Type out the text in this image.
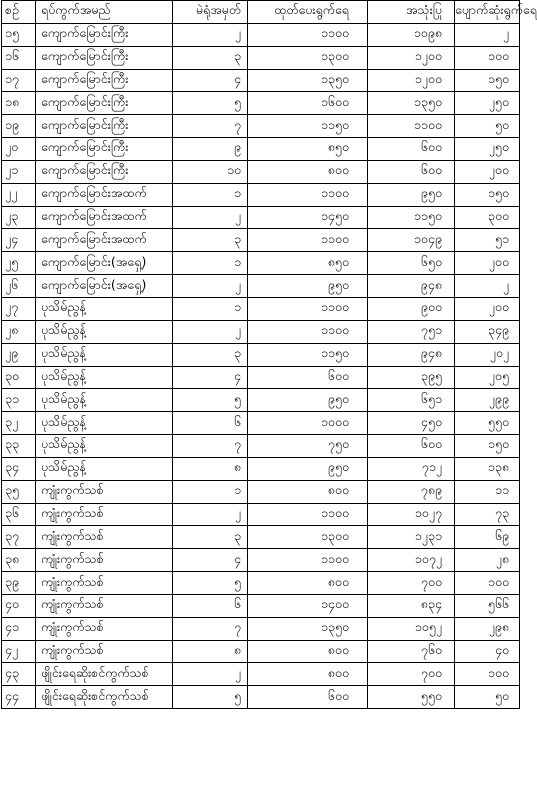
စဉ်	ရပ်ကွက်အမည်	မဲရုံအမှတ်	ထုတ်ပေးရွက်ရေ	အသုံးပြု	ပျောက်ဆုံးရွက်ရေ
၁၅	ကျောက်မြောင်းကြီး	၂	၁၁၀၀	၁၀၉၈	၂
၁၆	ကျောက်မြောင်းကြီး	၃	၁၃၀၀	၁၂၀၀	၁၀၀
၁၇	ကျောက်မြောင်းကြီး	၄	၁၃၅၀	၁၂၀၀	၁၅၀
၁၈	ကျောက်မြောင်းကြီး	၅	၁၆၀၀	၁၃၅၀	၂၅၀
၁၉	ကျောက်မြောင်းကြီး	၇	၁၁၅၀	၁၁၀၀	၅၀
၂၀	ကျောက်မြောင်းကြီး	၉	၈၅၀	၆၀၀	၂၅၀
၂၁	ကျောက်မြောင်းကြီး	၁၀	၈၀၀	၆၀၀	၂၀၀
၂၂	ကျောက်မြောင်းအထက်	၁	၁၁၀၀	၉၅၀	၁၅၀
၂၃	ကျောက်မြောင်းအထက်	၂	၁၄၅၀	၁၁၅၀	၃၀၀
၂၄	ကျောက်မြောင်းအထက်	၃	၁၁၀၀	၁၀၄၉	၅၁
၂၅	ကျောက်မြောင်း(အရှေ့)	၁	၈၅၀	၆၅၀	၂၀၀
၂၆	ကျောက်မြောင်း(အရှေ့)	၂	၉၅၀	၉၄၈	၂
၂၇	ပုသိမ်ညွန့်	၁	၁၁၀၀	၉၀၀	၂၀၀
၂၈	ပုသိမ်ညွန့်	၂	၁၁၀၀	၇၅၁	၃၄၉
၂၉	ပုသိမ်ညွန့်	၃	၁၁၅၀	၉၄၈	၂၀၂
၃၀	ပုသိမ်ညွန့်	၄	၆၀၀	၃၉၅	၂၀၅
၃၁	ပုသိမ်ညွန့်	၅	၉၅၀	၆၅၁	၂၉၉
၃၂	ပုသိမ်ညွန့်	၆	၁၀၀၀	၄၅၀	၅၅၀
၃၃	ပုသိမ်ညွန့်	၇	၇၅၀	၆၀၀	၁၅၀
၃၄	ပုသိမ်ညွန့်	၈	၉၅၀	၇၁၂	၁၃၈
၃၅	ကျုံးကွက်သစ်	၁	၈၀၀	၇၈၉	၁၁
၃၆	ကျုံးကွက်သစ်	၂	၁၁၀၀	၁၀၂၇	၇၃
၃၇	ကျုံးကွက်သစ်	၃	၁၃၀၀	၁၂၃၁	၆၉
၃၈	ကျုံးကွက်သစ်	၄	၁၁၀၀	၁၀၇၂	၂၈
၃၉	ကျုံးကွက်သစ်	၅	၈၀၀	၇၀၀	၁၀၀
၄၀	ကျုံးကွက်သစ်	၆	၁၄၀၀	၈၃၄	၅၆၆
၄၁	ကျုံးကွက်သစ်	၇	၁၃၅၀	၁၀၅၂	၂၉၈
၄၂	ကျုံးကွက်သစ်	၈	၈၀၀	၇၆၀	၄၀
၄၃	ဖျိုင်းရေဆိုးစင်ကွက်သစ်	၂	၈၀၀	၇၀၀	၁၀၀
၄၄	ဖျိုင်းရေဆိုးစင်ကွက်သစ်	၅	၆၀၀	၅၅၀	၅၀
